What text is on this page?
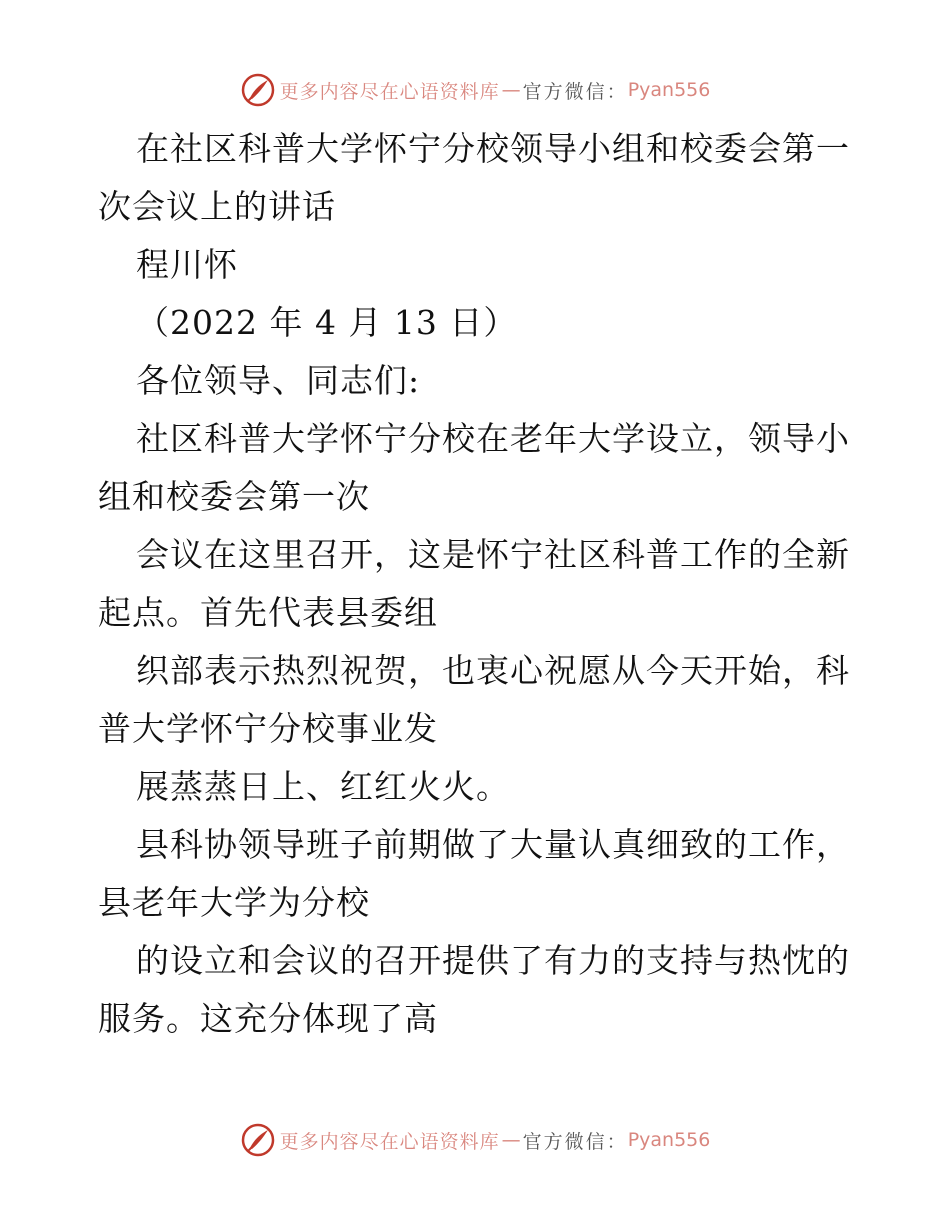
更多内容尽在心语资料库 — 官方微信： Pyan556
在社区科普大学怀宁分校领导小组和校委会第一
次会议上的讲话
程川怀
（2022 年 4 月 13 日）
各位领导、同志们:
社区科普大学怀宁分校在老年大学设立，领导小
组和校委会第一次
会议在这里召开，这是怀宁社区科普工作的全新
起点。首先代表县委组
织部表示热烈祝贺，也衷心祝愿从今天开始，科
普大学怀宁分校事业发
展蒸蒸日上、红红火火。
县科协领导班子前期做了大量认真细致的工作，
县老年大学为分校
的设立和会议的召开提供了有力的支持与热忱的
服务。这充分体现了高
更多内容尽在心语资料库 — 官方微信： Pyan556
